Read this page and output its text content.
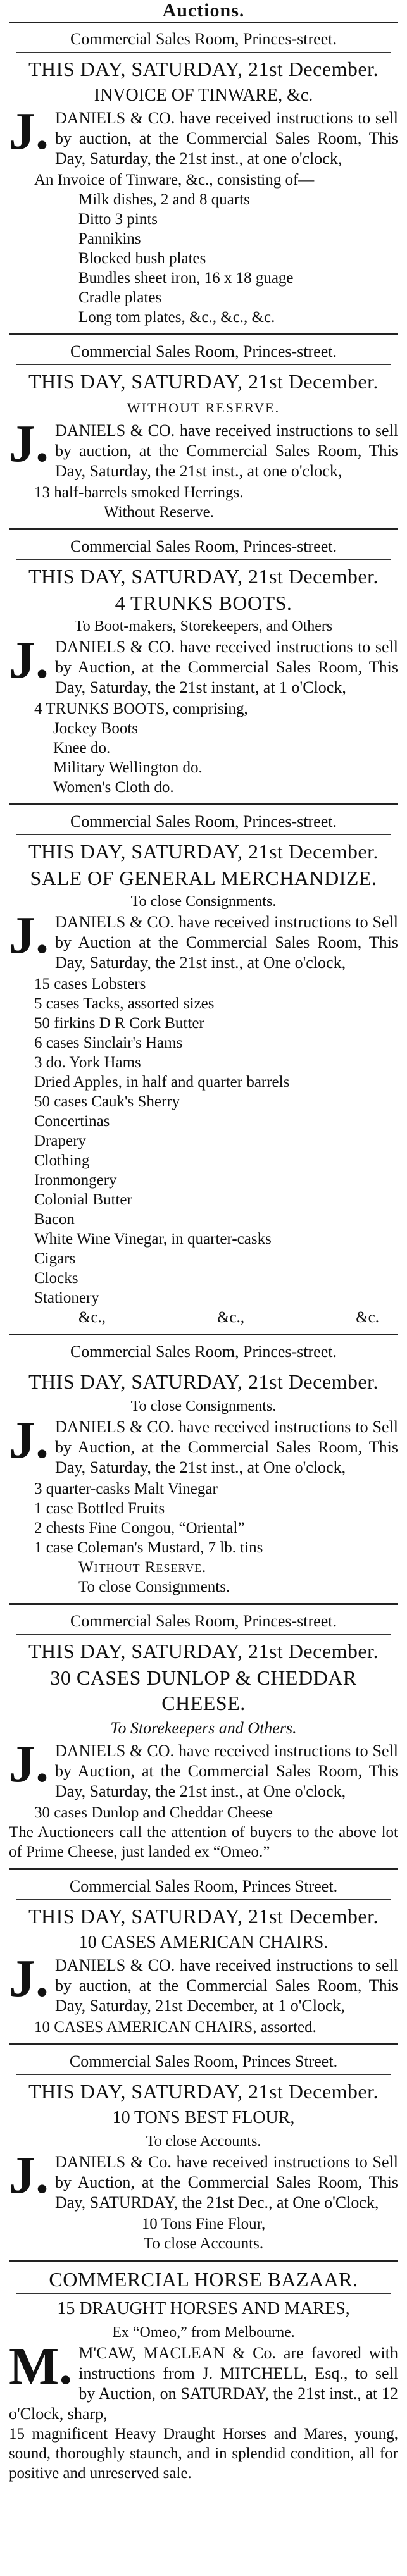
Auctions.
Commercial Sales Room, Princes-street.
THIS DAY, SATURDAY, 21st December.
INVOICE OF TINWARE, &c.
J. DANIELS & CO. have received instructions to sell by auction, at the Commercial Sales Room, This Day, Saturday, the 21st inst., at one o'clock,
An Invoice of Tinware, &c., consisting of—
Milk dishes, 2 and 8 quarts
Ditto 3 pints
Pannikins
Blocked bush plates
Bundles sheet iron, 16 x 18 guage
Cradle plates
Long tom plates, &c., &c., &c.
Commercial Sales Room, Princes-street.
THIS DAY, SATURDAY, 21st December.
WITHOUT RESERVE.
J. DANIELS & CO. have received instructions to sell by auction, at the Commercial Sales Room, This Day, Saturday, the 21st inst., at one o'clock,
13 half-barrels smoked Herrings.
Without Reserve.
Commercial Sales Room, Princes-street.
THIS DAY, SATURDAY, 21st December.
4 TRUNKS BOOTS.
To Boot-makers, Storekeepers, and Others
J. DANIELS & CO. have received instructions to sell by Auction, at the Commercial Sales Room, This Day, Saturday, the 21st instant, at 1 o'Clock,
4 TRUNKS BOOTS, comprising,
Jockey Boots
Knee do.
Military Wellington do.
Women's Cloth do.
Commercial Sales Room, Princes-street.
THIS DAY, SATURDAY, 21st December.
SALE OF GENERAL MERCHANDIZE.
To close Consignments.
J. DANIELS & CO. have received instructions to Sell by Auction at the Commercial Sales Room, This Day, Saturday, the 21st inst., at One o'clock,
15 cases Lobsters
5 cases Tacks, assorted sizes
50 firkins D R Cork Butter
6 cases Sinclair's Hams
3 do. York Hams
Dried Apples, in half and quarter barrels
50 cases Cauk's Sherry
Concertinas
Drapery
Clothing
Ironmongery
Colonial Butter
Bacon
White Wine Vinegar, in quarter-casks
Cigars
Clocks
Stationery
&c.,	&c.,	&c.
Commercial Sales Room, Princes-street.
THIS DAY, SATURDAY, 21st December.
To close Consignments.
J. DANIELS & CO. have received instructions to Sell by Auction, at the Commercial Sales Room, This Day, Saturday, the 21st inst., at One o'clock,
3 quarter-casks Malt Vinegar
1 case Bottled Fruits
2 chests Fine Congou, “Oriental”
1 case Coleman's Mustard, 7 lb. tins
Without Reserve.
To close Consignments.
Commercial Sales Room, Princes-street.
THIS DAY, SATURDAY, 21st December.
30 CASES DUNLOP & CHEDDAR CHEESE.
To Storekeepers and Others.
J. DANIELS & CO. have received instructions to Sell by Auction, at the Commercial Sales Room, This Day, Saturday, the 21st inst., at One o'clock,
30 cases Dunlop and Cheddar Cheese
The Auctioneers call the attention of buyers to the above lot of Prime Cheese, just landed ex “Omeo.”
Commercial Sales Room, Princes Street.
THIS DAY, SATURDAY, 21st December.
10 CASES AMERICAN CHAIRS.
J. DANIELS & CO. have received instructions to sell by auction, at the Commercial Sales Room, This Day, Saturday, 21st December, at 1 o'Clock,
10 CASES AMERICAN CHAIRS, assorted.
Commercial Sales Room, Princes Street.
THIS DAY, SATURDAY, 21st December.
10 TONS BEST FLOUR,
To close Accounts.
J. DANIELS & Co. have received instructions to Sell by Auction, at the Commercial Sales Room, This Day, SATURDAY, the 21st Dec., at One o'Clock,
10 Tons Fine Flour,
To close Accounts.
COMMERCIAL HORSE BAZAAR.
15 DRAUGHT HORSES AND MARES,
Ex “Omeo,” from Melbourne.
M. M'CAW, MACLEAN & Co. are favored with instructions from J. MITCHELL, Esq., to sell by Auction, on SATURDAY, the 21st inst., at 12 o'Clock, sharp,
15 magnificent Heavy Draught Horses and Mares, young, sound, thoroughly staunch, and in splendid condition, all for positive and unreserved sale.
